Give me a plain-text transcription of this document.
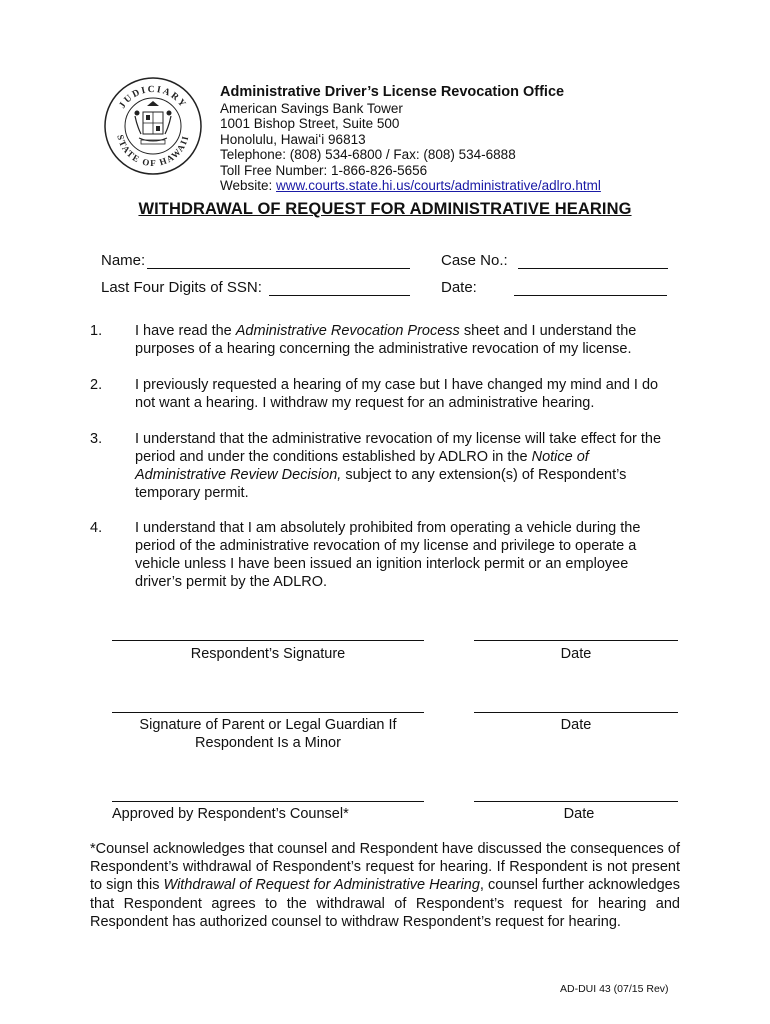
JUDICIARY
STATE OF HAWAII
Administrative Driver’s License Revocation Office
American Savings Bank Tower
1001 Bishop Street, Suite 500
Honolulu, Hawaiʻi 96813
Telephone: (808) 534-6800 / Fax: (808) 534-6888
Toll Free Number: 1-866-826-5656
Website: www.courts.state.hi.us/courts/administrative/adlro.html
WITHDRAWAL OF REQUEST FOR ADMINISTRATIVE HEARING
Name:	Case No.:
Last Four Digits of SSN:	Date:
1.	I have read the Administrative Revocation Process sheet and I understand the purposes of a hearing concerning the administrative revocation of my license.
2.	I previously requested a hearing of my case but I have changed my mind and I do not want a hearing. I withdraw my request for an administrative hearing.
3.	I understand that the administrative revocation of my license will take effect for the period and under the conditions established by ADLRO in the Notice of Administrative Review Decision, subject to any extension(s) of Respondent’s temporary permit.
4.	I understand that I am absolutely prohibited from operating a vehicle during the period of the administrative revocation of my license and privilege to operate a vehicle unless I have been issued an ignition interlock permit or an employee driver’s permit by the ADLRO.
Respondent’s Signature	Date
Signature of Parent or Legal Guardian If
Respondent Is a Minor
Date
Approved by Respondent’s Counsel*	Date
*Counsel acknowledges that counsel and Respondent have discussed the consequences of Respondent’s withdrawal of Respondent’s request for hearing. If Respondent is not present to sign this Withdrawal of Request for Administrative Hearing, counsel further acknowledges that Respondent agrees to the withdrawal of Respondent’s request for hearing and Respondent has authorized counsel to withdraw Respondent’s request for hearing.
AD-DUI 43 (07/15 Rev)
